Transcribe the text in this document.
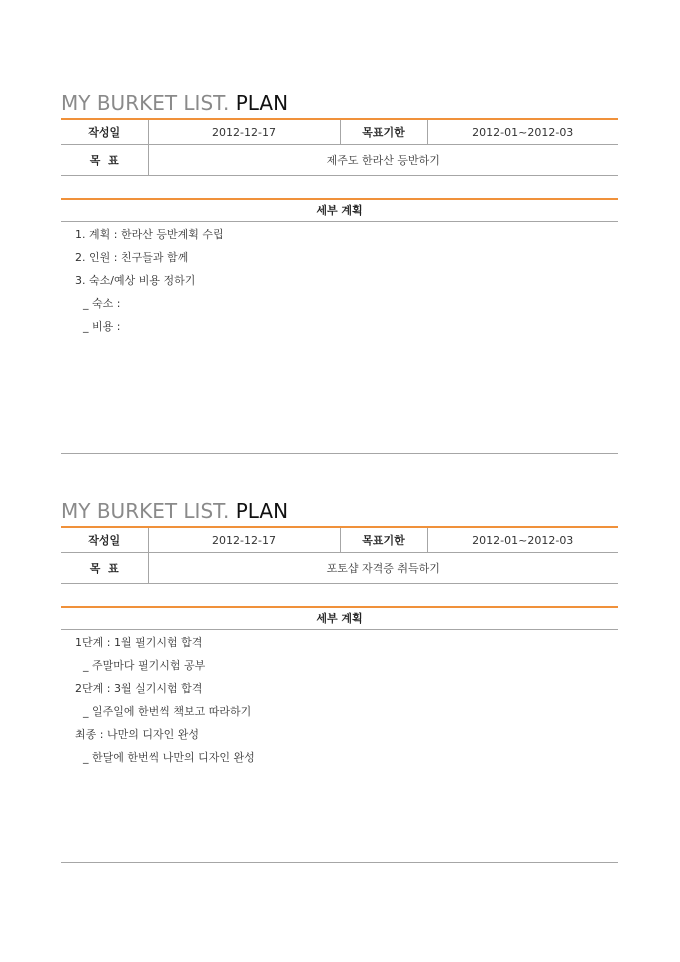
MY BURKET LIST. PLAN
작성일	2012-12-17	목표기한	2012-01~2012-03
목  표	제주도 한라산 등반하기		
세부 계획
1. 계획 : 한라산 등반계획 수립
2. 인원 : 친구들과 함께
3. 숙소/예상 비용 정하기
_ 숙소 :
_ 비용 :
MY BURKET LIST. PLAN
작성일	2012-12-17	목표기한	2012-01~2012-03
목  표	포토샵 자격증 취득하기		
세부 계획
1단계 : 1월 필기시험 합격
_ 주말마다 필기시험 공부
2단계 : 3월 실기시험 합격
_ 일주일에 한번씩 책보고 따라하기
최종 : 나만의 디자인 완성
_ 한달에 한번씩 나만의 디자인 완성
